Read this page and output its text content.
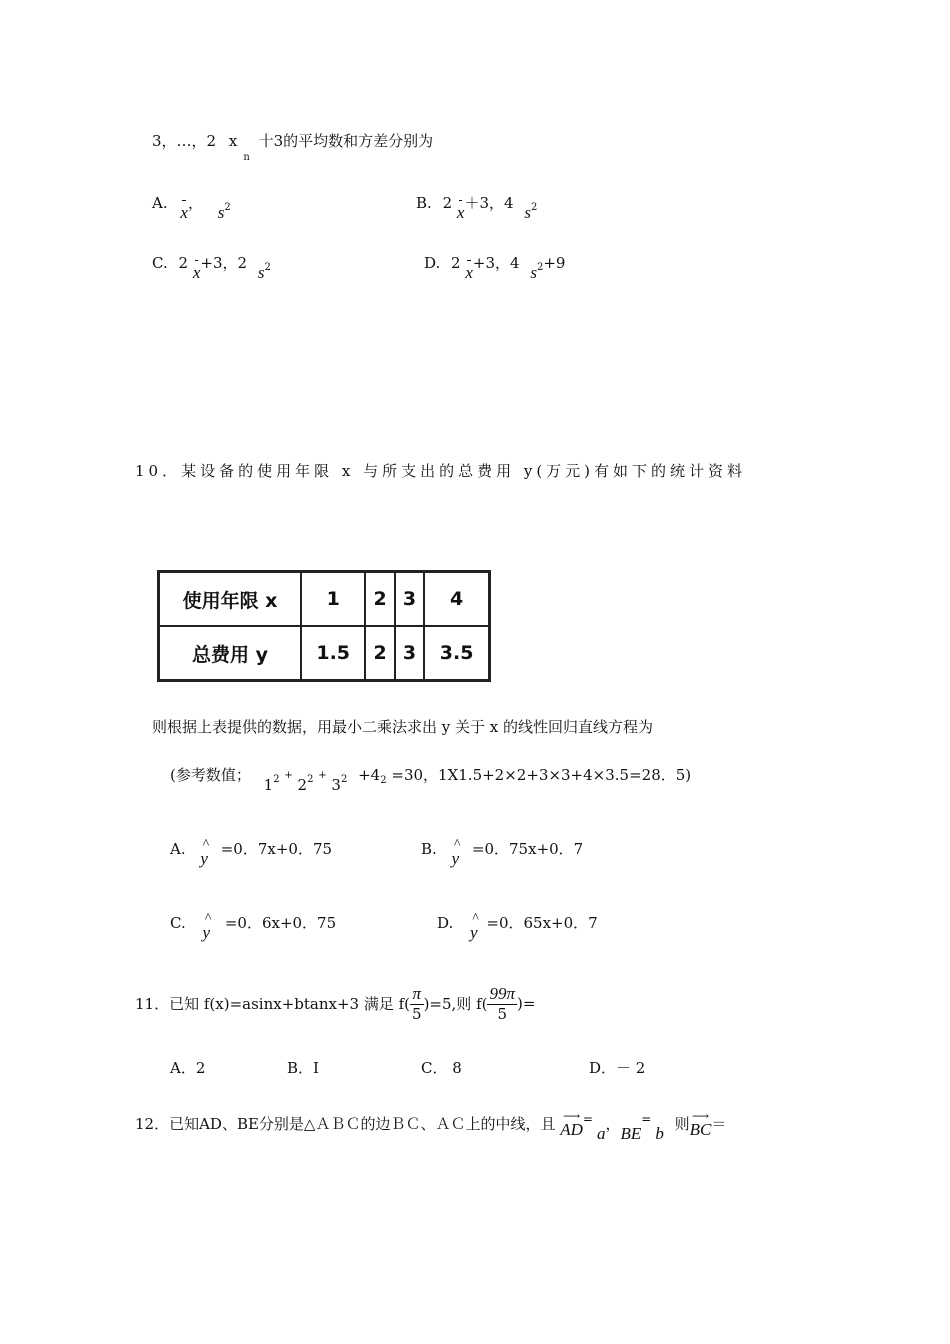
3，…，2 $x_n$ 十3的平均数和方差分别为
A. x， s2	B. 2 x＋3，4 s2
C. 2 x+3，2 s2	D. 2 x+3，4 s2+9
10．某设备的使用年限 x 与所支出的总费用 y(万元)有如下的统计资料
使用年限 x	1	2	3	4
总费用 y	1.5	2	3	3.5
则根据上表提供的数据，用最小二乘法求出 y 关于 x 的线性回归直线方程为
(参考数值； $12 + 22 + 32 +4_2 =30$，1X1.5+2×2+3×3+4×3.5=28．5)
A. ^
y =0．7x+0．75	B. ^
y =0．75x+0．7
C. ^
y =0．6x+0．75	D. ^
y =0．65x+0．7
11．已知 f(x)=asinx+btanx+3 满足 $f( \frac{\pi}{5} )=5$,则 $f( \frac{99\pi}{5}$ )=
A．2	B．I	C． 8	D．－ 2
12．已知AD、BE分别是△ＡＢＣ的边ＢＣ、ＡＣ上的中线，且 ⟶
AD=a，BE=b 则 ⟶
BC＝
